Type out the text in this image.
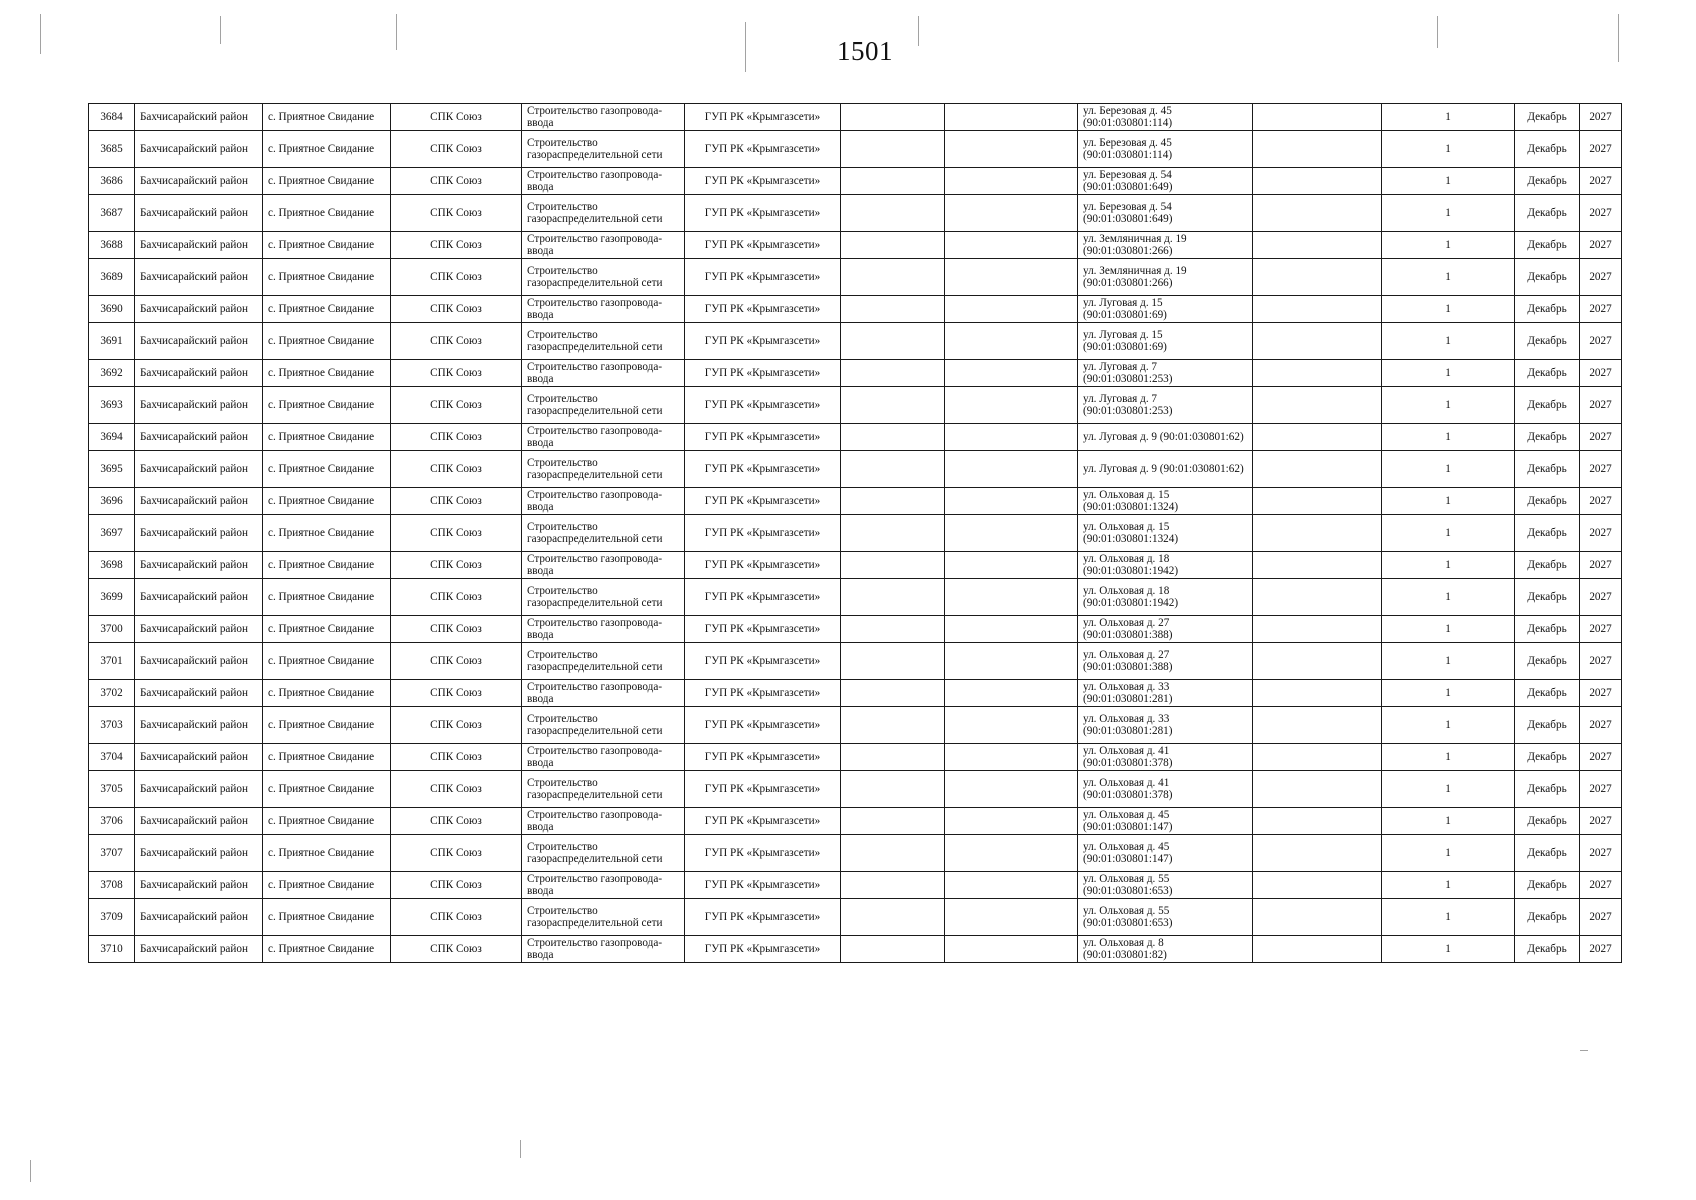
1501
3684	Бахчисарайский район	с. Приятное Свидание	СПК Союз	Строительство газопровода-ввода	ГУП РК «Крымгазсети»			ул. Березовая д. 45 (90:01:030801:114)		1	Декабрь	2027
3685	Бахчисарайский район	с. Приятное Свидание	СПК Союз	Строительство газораспределительной сети	ГУП РК «Крымгазсети»			ул. Березовая д. 45 (90:01:030801:114)		1	Декабрь	2027
3686	Бахчисарайский район	с. Приятное Свидание	СПК Союз	Строительство газопровода-ввода	ГУП РК «Крымгазсети»			ул. Березовая д. 54 (90:01:030801:649)		1	Декабрь	2027
3687	Бахчисарайский район	с. Приятное Свидание	СПК Союз	Строительство газораспределительной сети	ГУП РК «Крымгазсети»			ул. Березовая д. 54 (90:01:030801:649)		1	Декабрь	2027
3688	Бахчисарайский район	с. Приятное Свидание	СПК Союз	Строительство газопровода-ввода	ГУП РК «Крымгазсети»			ул. Земляничная д. 19 (90:01:030801:266)		1	Декабрь	2027
3689	Бахчисарайский район	с. Приятное Свидание	СПК Союз	Строительство газораспределительной сети	ГУП РК «Крымгазсети»			ул. Земляничная д. 19 (90:01:030801:266)		1	Декабрь	2027
3690	Бахчисарайский район	с. Приятное Свидание	СПК Союз	Строительство газопровода-ввода	ГУП РК «Крымгазсети»			ул. Луговая д. 15 (90:01:030801:69)		1	Декабрь	2027
3691	Бахчисарайский район	с. Приятное Свидание	СПК Союз	Строительство газораспределительной сети	ГУП РК «Крымгазсети»			ул. Луговая д. 15 (90:01:030801:69)		1	Декабрь	2027
3692	Бахчисарайский район	с. Приятное Свидание	СПК Союз	Строительство газопровода-ввода	ГУП РК «Крымгазсети»			ул. Луговая д. 7 (90:01:030801:253)		1	Декабрь	2027
3693	Бахчисарайский район	с. Приятное Свидание	СПК Союз	Строительство газораспределительной сети	ГУП РК «Крымгазсети»			ул. Луговая д. 7 (90:01:030801:253)		1	Декабрь	2027
3694	Бахчисарайский район	с. Приятное Свидание	СПК Союз	Строительство газопровода-ввода	ГУП РК «Крымгазсети»			ул. Луговая д. 9 (90:01:030801:62)		1	Декабрь	2027
3695	Бахчисарайский район	с. Приятное Свидание	СПК Союз	Строительство газораспределительной сети	ГУП РК «Крымгазсети»			ул. Луговая д. 9 (90:01:030801:62)		1	Декабрь	2027
3696	Бахчисарайский район	с. Приятное Свидание	СПК Союз	Строительство газопровода-ввода	ГУП РК «Крымгазсети»			ул. Ольховая д. 15 (90:01:030801:1324)		1	Декабрь	2027
3697	Бахчисарайский район	с. Приятное Свидание	СПК Союз	Строительство газораспределительной сети	ГУП РК «Крымгазсети»			ул. Ольховая д. 15 (90:01:030801:1324)		1	Декабрь	2027
3698	Бахчисарайский район	с. Приятное Свидание	СПК Союз	Строительство газопровода-ввода	ГУП РК «Крымгазсети»			ул. Ольховая д. 18 (90:01:030801:1942)		1	Декабрь	2027
3699	Бахчисарайский район	с. Приятное Свидание	СПК Союз	Строительство газораспределительной сети	ГУП РК «Крымгазсети»			ул. Ольховая д. 18 (90:01:030801:1942)		1	Декабрь	2027
3700	Бахчисарайский район	с. Приятное Свидание	СПК Союз	Строительство газопровода-ввода	ГУП РК «Крымгазсети»			ул. Ольховая д. 27 (90:01:030801:388)		1	Декабрь	2027
3701	Бахчисарайский район	с. Приятное Свидание	СПК Союз	Строительство газораспределительной сети	ГУП РК «Крымгазсети»			ул. Ольховая д. 27 (90:01:030801:388)		1	Декабрь	2027
3702	Бахчисарайский район	с. Приятное Свидание	СПК Союз	Строительство газопровода-ввода	ГУП РК «Крымгазсети»			ул. Ольховая д. 33 (90:01:030801:281)		1	Декабрь	2027
3703	Бахчисарайский район	с. Приятное Свидание	СПК Союз	Строительство газораспределительной сети	ГУП РК «Крымгазсети»			ул. Ольховая д. 33 (90:01:030801:281)		1	Декабрь	2027
3704	Бахчисарайский район	с. Приятное Свидание	СПК Союз	Строительство газопровода-ввода	ГУП РК «Крымгазсети»			ул. Ольховая д. 41 (90:01:030801:378)		1	Декабрь	2027
3705	Бахчисарайский район	с. Приятное Свидание	СПК Союз	Строительство газораспределительной сети	ГУП РК «Крымгазсети»			ул. Ольховая д. 41 (90:01:030801:378)		1	Декабрь	2027
3706	Бахчисарайский район	с. Приятное Свидание	СПК Союз	Строительство газопровода-ввода	ГУП РК «Крымгазсети»			ул. Ольховая д. 45 (90:01:030801:147)		1	Декабрь	2027
3707	Бахчисарайский район	с. Приятное Свидание	СПК Союз	Строительство газораспределительной сети	ГУП РК «Крымгазсети»			ул. Ольховая д. 45 (90:01:030801:147)		1	Декабрь	2027
3708	Бахчисарайский район	с. Приятное Свидание	СПК Союз	Строительство газопровода-ввода	ГУП РК «Крымгазсети»			ул. Ольховая д. 55 (90:01:030801:653)		1	Декабрь	2027
3709	Бахчисарайский район	с. Приятное Свидание	СПК Союз	Строительство газораспределительной сети	ГУП РК «Крымгазсети»			ул. Ольховая д. 55 (90:01:030801:653)		1	Декабрь	2027
3710	Бахчисарайский район	с. Приятное Свидание	СПК Союз	Строительство газопровода-ввода	ГУП РК «Крымгазсети»			ул. Ольховая д. 8 (90:01:030801:82)		1	Декабрь	2027
